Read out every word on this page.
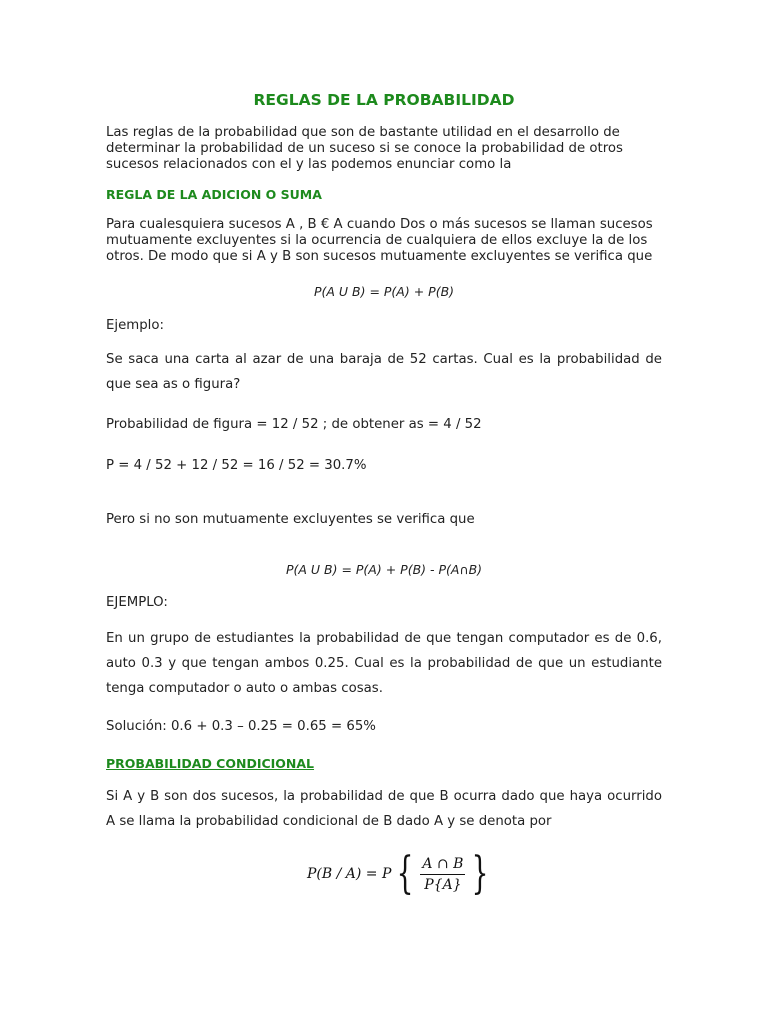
REGLAS DE LA PROBABILIDAD

Las reglas de la probabilidad que son de bastante utilidad en el desarrollo de determinar la probabilidad de un suceso si se conoce la probabilidad de otros sucesos relacionados con el y las podemos enunciar como la

REGLA DE LA ADICION O SUMA

Para cualesquiera sucesos A , B € A cuando Dos o más sucesos se llaman sucesos mutuamente excluyentes si la ocurrencia de cualquiera de ellos excluye la de los otros. De modo que si A y B son sucesos mutuamente excluyentes se verifica que

P(A U B) = P(A) + P(B)

Ejemplo:

Se saca una carta al azar de una baraja de 52 cartas. Cual es la probabilidad de que sea as o figura?

Probabilidad de figura = 12 / 52 ; de obtener as = 4 / 52

P = 4 / 52 + 12 / 52 = 16 / 52 = 30.7%

Pero si no son mutuamente excluyentes se verifica que

P(A U B) = P(A) + P(B) - P(A∩B)

EJEMPLO:

En un grupo de estudiantes la probabilidad de que tengan computador es de 0.6, auto 0.3 y que tengan ambos 0.25. Cual es la probabilidad de que un estudiante tenga computador o auto o ambas cosas.

Solución: 0.6 + 0.3 – 0.25 = 0.65 = 65%

PROBABILIDAD CONDICIONAL

Si A y B son dos sucesos, la probabilidad de que B ocurra dado que haya ocurrido A se llama la probabilidad condicional de B dado A y se denota por

P(B / A) = P { $\frac{A \cap B}{P\{A\}}$ }
